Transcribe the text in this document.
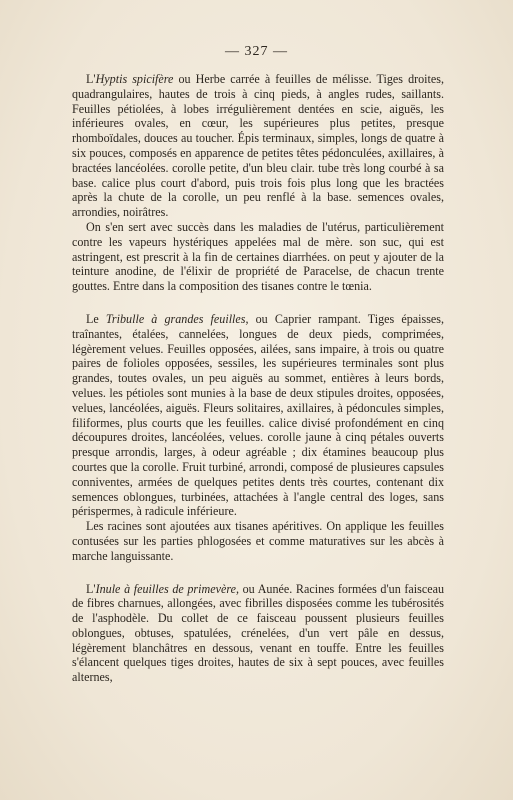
— 327 —

L'Hyptis spicifère ou Herbe carrée à feuilles de mélisse. Tiges droites, quadrangulaires, hautes de trois à cinq pieds, à angles rudes, saillants. Feuilles pétiolées, à lobes irrégulièrement dentées en scie, aiguës, les inférieures ovales, en cœur, les supérieures plus petites, presque rhomboïdales, douces au toucher. Épis terminaux, simples, longs de quatre à six pouces, composés en apparence de petites têtes pédonculées, axillaires, à bractées lancéolées. corolle petite, d'un bleu clair. tube très long courbé à sa base. calice plus court d'abord, puis trois fois plus long que les bractées après la chute de la corolle, un peu renflé à la base. semences ovales, arrondies, noirâtres.

On s'en sert avec succès dans les maladies de l'utérus, particulièrement contre les vapeurs hystériques appelées mal de mère. son suc, qui est astringent, est prescrit à la fin de certaines diarrhées. on peut y ajouter de la teinture anodine, de l'élixir de propriété de Paracelse, de chacun trente gouttes. Entre dans la composition des tisanes contre le tœnia.

Le Tribulle à grandes feuilles, ou Caprier rampant. Tiges épaisses, traînantes, étalées, cannelées, longues de deux pieds, comprimées, légèrement velues. Feuilles opposées, ailées, sans impaire, à trois ou quatre paires de folioles opposées, sessiles, les supérieures terminales sont plus grandes, toutes ovales, un peu aiguës au sommet, entières à leurs bords, velues. les pétioles sont munies à la base de deux stipules droites, opposées, velues, lancéolées, aiguës. Fleurs solitaires, axillaires, à pédoncules simples, filiformes, plus courts que les feuilles. calice divisé profondément en cinq découpures droites, lancéolées, velues. corolle jaune à cinq pétales ouverts presque arrondis, larges, à odeur agréable ; dix étamines beaucoup plus courtes que la corolle. Fruit turbiné, arrondi, composé de plusieures capsules conniventes, armées de quelques petites dents très courtes, contenant dix semences oblongues, turbinées, attachées à l'angle central des loges, sans périspermes, à radicule inférieure.

Les racines sont ajoutées aux tisanes apéritives. On applique les feuilles contusées sur les parties phlogosées et comme maturatives sur les abcès à marche languissante.

L'Inule à feuilles de primevère, ou Aunée. Racines formées d'un faisceau de fibres charnues, allongées, avec fibrilles disposées comme les tubérosités de l'asphodèle. Du collet de ce faisceau poussent plusieurs feuilles oblongues, obtuses, spatulées, crénelées, d'un vert pâle en dessus, légèrement blanchâtres en dessous, venant en touffe. Entre les feuilles s'élancent quelques tiges droites, hautes de six à sept pouces, avec feuilles alternes,
